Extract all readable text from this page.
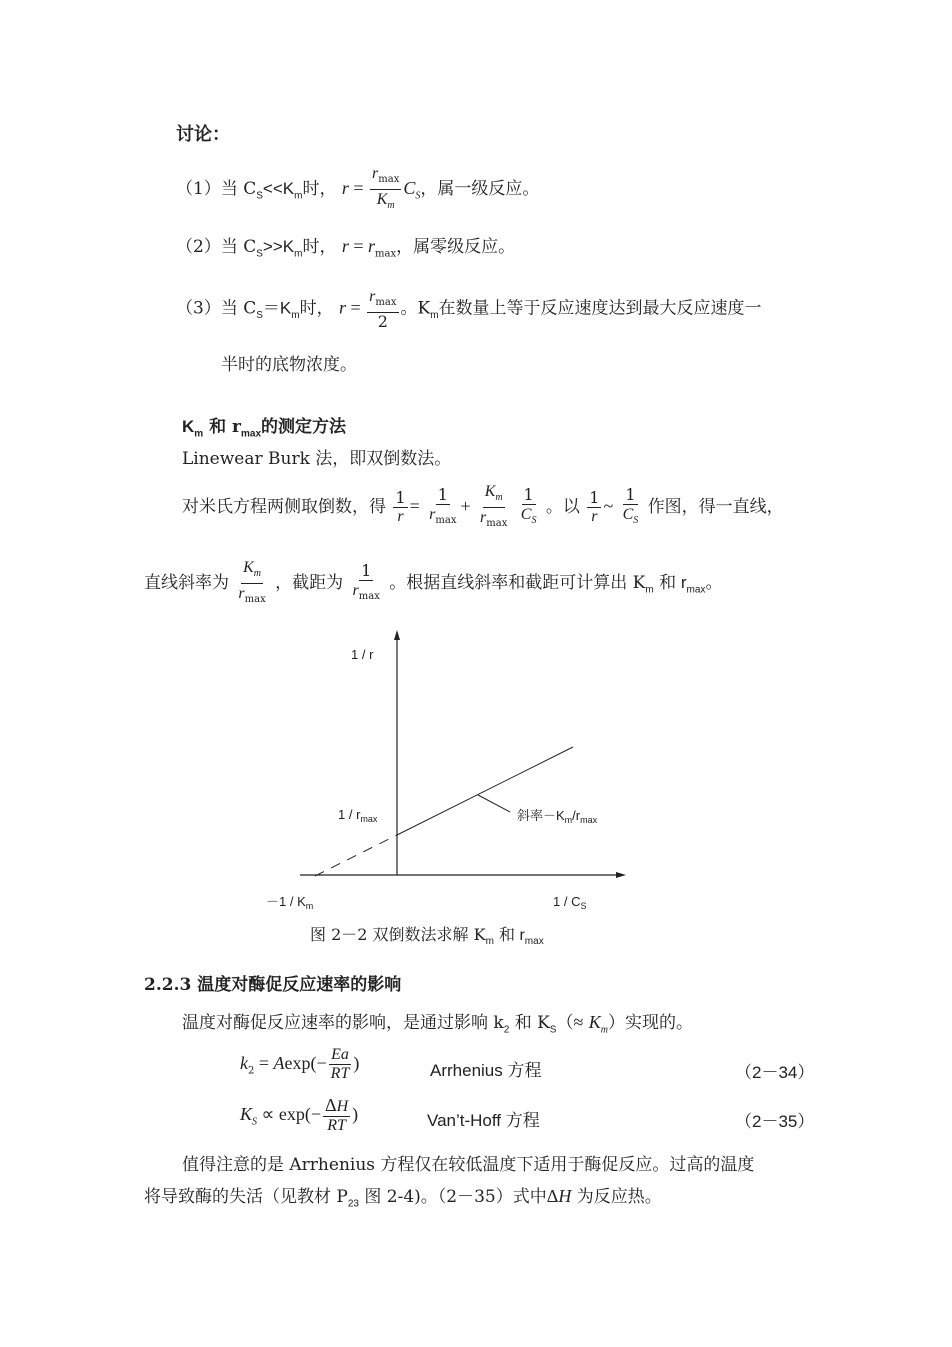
讨论：
（1）当 $C_S<<K_m$时， $r = \frac{r_{max}}{K_m} C_S$，属一级反应。
（2）当 $C_S>>K_m$时， $r = r_{max}$，属零级反应。
（3）当 $C_S=K_m$时， $r = \frac{r_{max}}{2}$ 。$K_m$在数量上等于反应速度达到最大反应速度一
半时的底物浓度。
$K_m$ 和 $r_{max}$的测定方法
Linewear Burk 法，即双倒数法。
对米氏方程两侧取倒数，得 $\frac{1}{r} = \frac{1}{r_{max}} + \frac{K_m}{r_{max}}$
$\frac{1}{C_S}$ 。以 $\frac{1}{r}$ ~ $\frac{1}{C_S}$ 作图，得一直线，
直线斜率为 $\frac{K_m}{r_{max}}$ ，截距为 $\frac{1}{r_{max}}$ 。根据直线斜率和截距可计算出 $K_m$ 和 $r_{max}$。
1 / r
$1 / r_{max}$	斜率$-K_m/r_{max}$
$-1 / K_m$	$1 / C_S$
图 2－2 双倒数法求解 $K_m$ 和 $r_{max}$
2.2.3 温度对酶促反应速率的影响
温度对酶促反应速率的影响，是通过影响 $k_2$ 和 $K_S(\approx K_m)$实现的。
$k_2 = Aexp(- \frac{Ea}{RT}$ )	Arrhenius 方程	（2－34）
$K_S \propto \exp(- \frac{\Delta H}{RT}$ )	Van’t-Hoff 方程	（2－35）
值得注意的是 Arrhenius 方程仅在较低温度下适用于酶促反应。过高的温度
将导致酶的失活（见教材 $P_{23}$ 图 2-4)。（2－35）式中ΔH 为反应热。
